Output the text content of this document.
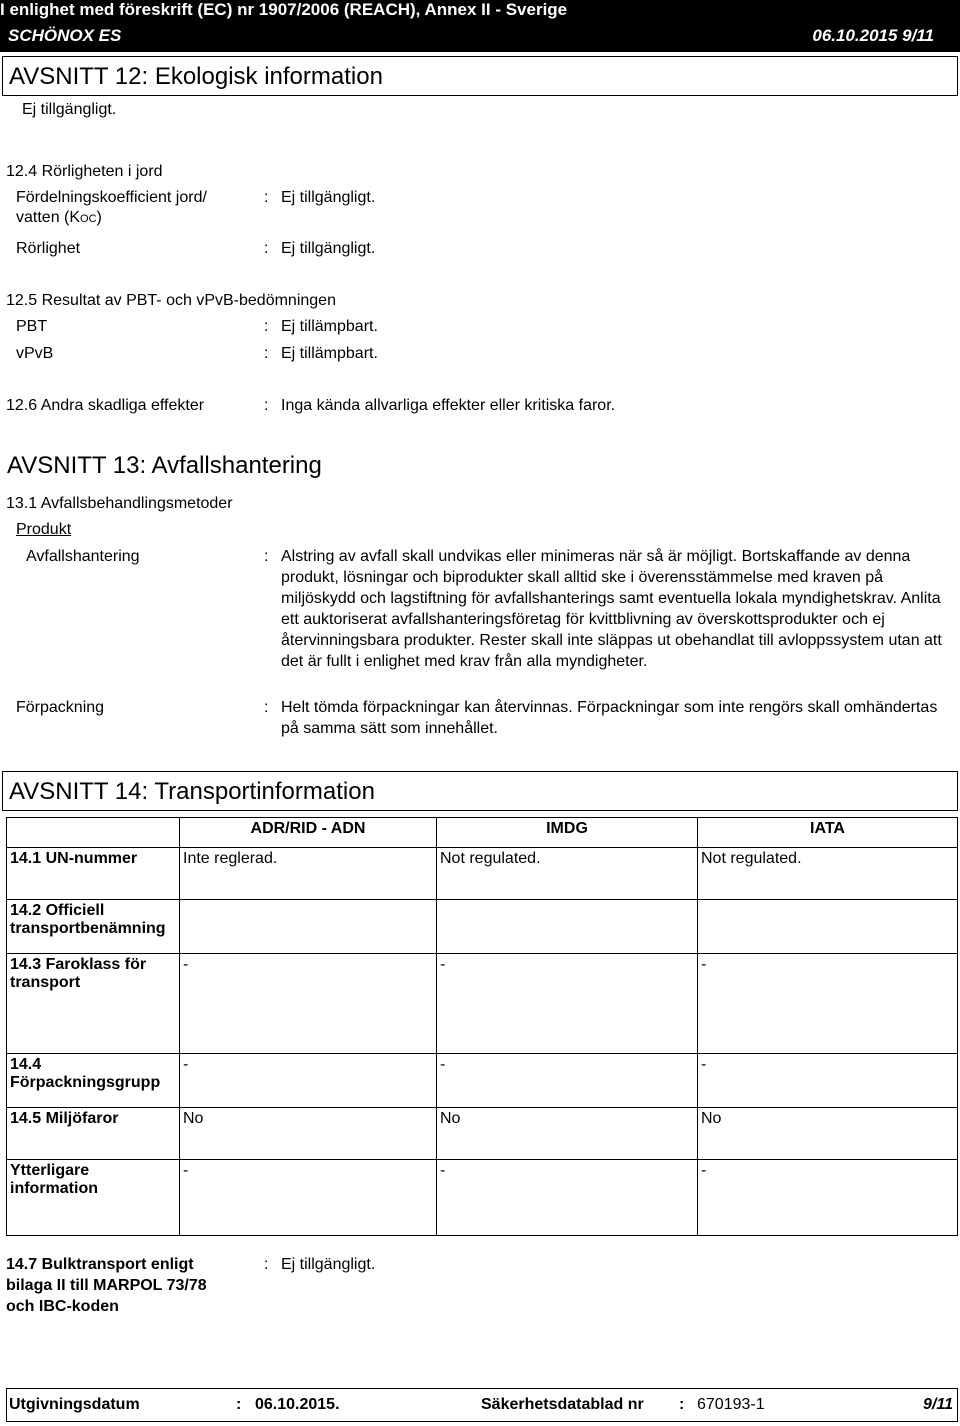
I enlighet med föreskrift (EC) nr 1907/2006 (REACH), Annex II - Sverige
SCHÖNOX ES	06.10.2015 9/11
AVSNITT 12: Ekologisk information
Ej tillgängligt.
12.4 Rörligheten i jord
Fördelningskoefficient jord/
vatten (KOC)
: Ej tillgängligt.
Rörlighet	: Ej tillgängligt.
12.5 Resultat av PBT- och vPvB-bedömningen
PBT	: Ej tillämpbart.
vPvB	: Ej tillämpbart.
12.6 Andra skadliga effekter	: Inga kända allvarliga effekter eller kritiska faror.
AVSNITT 13: Avfallshantering
13.1 Avfallsbehandlingsmetoder
Produkt
Avfallshantering	: Alstring av avfall skall undvikas eller minimeras när så är möjligt. Bortskaffande av denna produkt, lösningar och biprodukter skall alltid ske i överensstämmelse med kraven på miljöskydd och lagstiftning för avfallshanterings samt eventuella lokala myndighetskrav. Anlita ett auktoriserat avfallshanteringsföretag för kvittblivning av överskottsprodukter och ej återvinningsbara produkter. Rester skall inte släppas ut obehandlat till avloppssystem utan att det är fullt i enlighet med krav från alla myndigheter.
Förpackning	: Helt tömda förpackningar kan återvinnas. Förpackningar som inte rengörs skall omhändertas på samma sätt som innehållet.
AVSNITT 14: Transportinformation
	ADR/RID - ADN	IMDG	IATA
14.1 UN-nummer	Inte reglerad.	Not regulated.	Not regulated.
14.2 Officiell transportbenämning			
14.3 Faroklass för transport	-	-	-
14.4 Förpackningsgrupp	-	-	-
14.5 Miljöfaror	No	No	No
Ytterligare information	-	-	-
14.7 Bulktransport enligt bilaga II till MARPOL 73/78 och IBC-koden
: Ej tillgängligt.
Utgivningsdatum	: 06.10.2015.	Säkerhetsdatablad nr : 670193-1	9/11
